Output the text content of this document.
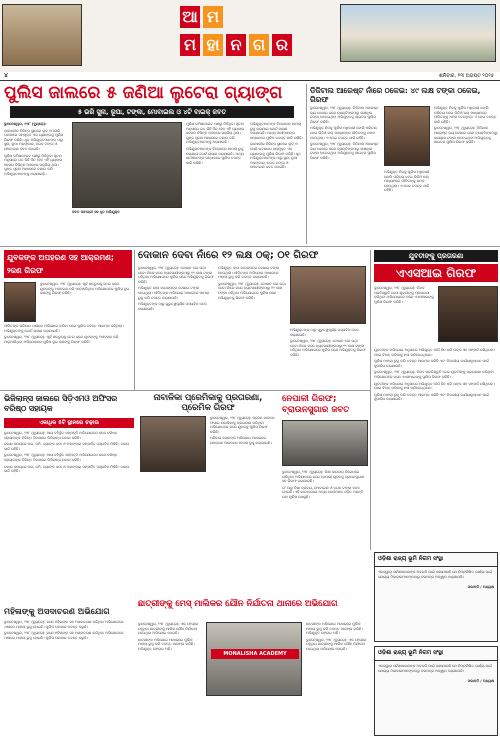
ଆ ମ
ମ ହା ନ ଗ ର
୪	ଶନିବାର, ୨୩ ଅଗଷ୍ଟ ୨୦୨୫
ପୁଲିସ ଜାଲରେ ୫ ଜଣିଆ ଲୁଟେରା ଗ୍ୟାଙ୍ଗ
୫ ଭରି ସୁନା, ରୂପା, ଟଙ୍କା, ମୋବାଇଲ ଓ ୪ଟି ବାଇକ୍ ଜବତ

ଭୁବନେଶ୍ୱର, ୨୨ା୮ (ବ୍ୟୁରୋ):

ରାଜଧାନୀର ବିଭିନ୍ନ ସ୍ଥାନରେ ଲୁଟ୍ ଓ ଚୋରି ଘଟଣାରେ ସମ୍ପୃକ୍ତ ଏକ ଗ୍ୟାଙ୍ଗକୁ ପୁଲିସ ଗିରଫ କରିଛି। ଧୃତ ଅଭିଯୁକ୍ତମାନଙ୍କ ଠାରୁ ସୁନା, ରୂପା ଅଳଙ୍କାର, ନଗଦ ଟଙ୍କା ଓ ମୋବାଇଲ ଜବତ ହୋଇଛି।

ପୁଲିସ କମିଶନରେଟ ପକ୍ଷରୁ ମିଳିଥିବା ସୂଚନା ଅନୁସାରେ ଗତ କିଛି ଦିନ ହେବ ଏହି ଗ୍ୟାଙ୍ଗ ସହରର ବିଭିନ୍ନ ଅଞ୍ଚଳରେ ସକ୍ରିୟ ଥିଲା। ଗୁପ୍ତ ସୂଚନା ଆଧାରରେ ଚଢାଉ କରି ଅଭିଯୁକ୍ତମାନଙ୍କୁ ଧରାଯାଇଛି।

ଜବତ ସାମଗ୍ରୀ ସହ ଧୃତ ଅଭିଯୁକ୍ତ

ପୁଲିସ କମିଶନରେଟ ପକ୍ଷରୁ ମିଳିଥିବା ସୂଚନା ଅନୁସାରେ ଗତ କିଛି ଦିନ ହେବ ଏହି ଗ୍ୟାଙ୍ଗ ସହରର ବିଭିନ୍ନ ଅଞ୍ଚଳରେ ସକ୍ରିୟ ଥିଲା। ଗୁପ୍ତ ସୂଚନା ଆଧାରରେ ଚଢାଉ କରି ଅଭିଯୁକ୍ତମାନଙ୍କୁ ଧରାଯାଇଛି।

ଅଭିଯୁକ୍ତମାନଙ୍କ ବିରୋଧରେ ମାମଲା ରୁଜୁ କରାଯାଇ କୋର୍ଟ ଚାଲାଣ କରାଯାଇଛି। ଅନ୍ୟ ସାଥୀମାନଙ୍କ ସନ୍ଧାନରେ ପୁଲିସ ତଦନ୍ତ ଜାରି ରଖିଛି।

ଅଭିଯୁକ୍ତମାନଙ୍କ ବିରୋଧରେ ମାମଲା ରୁଜୁ କରାଯାଇ କୋର୍ଟ ଚାଲାଣ କରାଯାଇଛି। ଅନ୍ୟ ସାଥୀମାନଙ୍କ ସନ୍ଧାନରେ ପୁଲିସ ତଦନ୍ତ ଜାରି ରଖିଛି।

ରାଜଧାନୀର ବିଭିନ୍ନ ସ୍ଥାନରେ ଲୁଟ୍ ଓ ଚୋରି ଘଟଣାରେ ସମ୍ପୃକ୍ତ ଏକ ଗ୍ୟାଙ୍ଗକୁ ପୁଲିସ ଗିରଫ କରିଛି। ଧୃତ ଅଭିଯୁକ୍ତମାନଙ୍କ ଠାରୁ ସୁନା, ରୂପା ଅଳଙ୍କାର, ନଗଦ ଟଙ୍କା ଓ ମୋବାଇଲ ଜବତ ହୋଇଛି।

ଡିଜିଟାଲ ଆରେଷ୍ଟ ନାଁରେ ଠକେଇ: ୪୯ ଲକ୍ଷ ଟଙ୍କା ଠକେଇ, ଗିରଫ

ଭୁବନେଶ୍ୱର, ୨୨ା୮ (ବ୍ୟୁରୋ): ଡିଜିଟାଲ ଆରେଷ୍ଟ ଭୟ ଦେଖାଇ ଜଣେ ବ୍ୟକ୍ତିଙ୍କଠାରୁ ଲକ୍ଷାଧିକ ଟଙ୍କା ହାତେଇଥିବା ଅଭିଯୁକ୍ତକୁ ସାଇବର ପୁଲିସ ଗିରଫ କରିଛି।

ଅଭିଯୁକ୍ତ ନିଜକୁ ପୁଲିସ ଅଧିକାରୀ ବୋଲି ପରିଚୟ ଦେଇ ଭିଡିଓ କଲ୍ ମାଧ୍ୟମରେ ପୀଡିତଙ୍କୁ ଧମକ ଦେଉଥିଲା। ଏ ନେଇ ତଦନ୍ତ ଜାରି ରହିଛି।

ଭୁବନେଶ୍ୱର, ୨୨ା୮ (ବ୍ୟୁରୋ): ଡିଜିଟାଲ ଆରେଷ୍ଟ ଭୟ ଦେଖାଇ ଜଣେ ବ୍ୟକ୍ତିଙ୍କଠାରୁ ଲକ୍ଷାଧିକ ଟଙ୍କା ହାତେଇଥିବା ଅଭିଯୁକ୍ତକୁ ସାଇବର ପୁଲିସ ଗିରଫ କରିଛି।

ଅଭିଯୁକ୍ତ ନିଜକୁ ପୁଲିସ ଅଧିକାରୀ ବୋଲି ପରିଚୟ ଦେଇ ଭିଡିଓ କଲ୍ ମାଧ୍ୟମରେ ପୀଡିତଙ୍କୁ ଧମକ ଦେଉଥିଲା। ଏ ନେଇ ତଦନ୍ତ ଜାରି ରହିଛି।

ଅଭିଯୁକ୍ତ ନିଜକୁ ପୁଲିସ ଅଧିକାରୀ ବୋଲି ପରିଚୟ ଦେଇ ଭିଡିଓ କଲ୍ ମାଧ୍ୟମରେ ପୀଡିତଙ୍କୁ ଧମକ ଦେଉଥିଲା। ଏ ନେଇ ତଦନ୍ତ ଜାରି ରହିଛି।

ଭୁବନେଶ୍ୱର, ୨୨ା୮ (ବ୍ୟୁରୋ): ଡିଜିଟାଲ ଆରେଷ୍ଟ ଭୟ ଦେଖାଇ ଜଣେ ବ୍ୟକ୍ତିଙ୍କଠାରୁ ଲକ୍ଷାଧିକ ଟଙ୍କା ହାତେଇଥିବା ଅଭିଯୁକ୍ତକୁ ସାଇବର ପୁଲିସ ଗିରଫ କରିଛି।

ଯୁବକଙ୍କ ଅପହରଣ ସହ ଆକ୍ରମଣ; ୨ଜଣ ଗିରଫ

ଭୁବନେଶ୍ୱର, ୨୨ା୮ (ବ୍ୟୁରୋ): ପୂର୍ବ ଶତ୍ରୁତାକୁ ନେଇ ଜଣେ ଯୁବକଙ୍କୁ ଅପହରଣ କରି ମାଡ଼ମାରିଥିବା ଅଭିଯୋଗରେ ପୁଲିସ ଦୁଇ ଜଣଙ୍କୁ ଗିରଫ କରିଛି।

ପୀଡିତଙ୍କ ପରିବାର ଥାନାରେ ଅଭିଯୋଗ କରିବା ପରେ ପୁଲିସ ତଦନ୍ତ ଆରମ୍ଭ କରିଥିଲା। ଅଭିଯୁକ୍ତଙ୍କୁ କୋର୍ଟ ଚାଲାଣ କରାଯାଇଛି।

ଭୁବନେଶ୍ୱର, ୨୨ା୮ (ବ୍ୟୁରୋ): ପୂର୍ବ ଶତ୍ରୁତାକୁ ନେଇ ଜଣେ ଯୁବକଙ୍କୁ ଅପହରଣ କରି ମାଡ଼ମାରିଥିବା ଅଭିଯୋଗରେ ପୁଲିସ ଦୁଇ ଜଣଙ୍କୁ ଗିରଫ କରିଛି।

ଦୋକାନ ଦେବା ନାଁରେ ୧୨ ଲକ୍ଷ ଠକ୍; ୦୧ ଗିରଫ

ଭୁବନେଶ୍ୱର, ୨୨ା୮ (ବ୍ୟୁରୋ): ଦୋକାନ ଘର ଭଡ଼ା ଦେବା ନାଁରେ ଜଣେ ବ୍ୟବସାୟୀଙ୍କଠାରୁ ୧୨ ଲକ୍ଷ ଟଙ୍କା ଠକିଥିବା ଅଭିଯୋଗରେ ପୁଲିସ ଜଣେ ଅଭିଯୁକ୍ତକୁ ଗିରଫ କରିଛି।

ଅଭିଯୁକ୍ତ ଜାଲ କାଗଜପତ୍ର ଦେଖାଇ ଟଙ୍କା ନେଇଥିଲା। ପୀଡିତଙ୍କ ଅଭିଯୋଗ ଆଧାରରେ ମାମଲା ରୁଜୁ କରି ତଦନ୍ତ କରାଯାଉଛି।

ଅଭିଯୁକ୍ତଙ୍କ ଠାରୁ ଗୁରୁତ୍ୱପୂର୍ଣ୍ଣ ଦସ୍ତାବିଜ ଜବତ କରାଯାଇଛି।

ଅଭିଯୁକ୍ତ ଜାଲ କାଗଜପତ୍ର ଦେଖାଇ ଟଙ୍କା ନେଇଥିଲା। ପୀଡିତଙ୍କ ଅଭିଯୋଗ ଆଧାରରେ ମାମଲା ରୁଜୁ କରି ତଦନ୍ତ କରାଯାଉଛି।

ଭୁବନେଶ୍ୱର, ୨୨ା୮ (ବ୍ୟୁରୋ): ଦୋକାନ ଘର ଭଡ଼ା ଦେବା ନାଁରେ ଜଣେ ବ୍ୟବସାୟୀଙ୍କଠାରୁ ୧୨ ଲକ୍ଷ ଟଙ୍କା ଠକିଥିବା ଅଭିଯୋଗରେ ପୁଲିସ ଜଣେ ଅଭିଯୁକ୍ତକୁ ଗିରଫ କରିଛି।

ଅଭିଯୁକ୍ତଙ୍କ ଠାରୁ ଗୁରୁତ୍ୱପୂର୍ଣ୍ଣ ଦସ୍ତାବିଜ ଜବତ କରାଯାଇଛି।

ଭୁବନେଶ୍ୱର, ୨୨ା୮ (ବ୍ୟୁରୋ): ଦୋକାନ ଘର ଭଡ଼ା ଦେବା ନାଁରେ ଜଣେ ବ୍ୟବସାୟୀଙ୍କଠାରୁ ୧୨ ଲକ୍ଷ ଟଙ୍କା ଠକିଥିବା ଅଭିଯୋଗରେ ପୁଲିସ ଜଣେ ଅଭିଯୁକ୍ତକୁ ଗିରଫ କରିଛି।

ଯୁବତୀଙ୍କୁ ପ୍ରତାରଣା
ଏଏସଆଇ ଗିରଫ

ଭୁବନେଶ୍ୱର, ୨୨ା୮ (ବ୍ୟୁରୋ): ବିବାହ ପ୍ରତିଶ୍ରୁତି ଦେଇ ଯୁବତୀଙ୍କୁ ପ୍ରତାରଣା କରିଥିବା ଅଭିଯୋଗରେ ଜଣେ ଏଏସଆଇଙ୍କୁ ପୁଲିସ ଗିରଫ କରିଛି।

ଯୁବତୀଙ୍କ ଅଭିଯୋଗ ଅନୁସାରେ ଅଭିଯୁକ୍ତ ଦୀର୍ଘ ଦିନ ଧରି ତାଙ୍କ ସହ ସମ୍ପର୍କ ରଖିଥିଲେ। ପରେ ବିବାହ କରିବାକୁ ମନା କରିଦେଇଥିଲେ।

ପୁଲିସ ମାମଲା ରୁଜୁ କରି ତଦନ୍ତ ଆରମ୍ଭ କରିଛି ଏବଂ ବିଭାଗୀୟ କାର୍ଯ୍ୟାନୁଷ୍ଠାନ ପାଇଁ ସୁପାରିସ କରାଯାଇଛି।

ଭୁବନେଶ୍ୱର, ୨୨ା୮ (ବ୍ୟୁରୋ): ବିବାହ ପ୍ରତିଶ୍ରୁତି ଦେଇ ଯୁବତୀଙ୍କୁ ପ୍ରତାରଣା କରିଥିବା ଅଭିଯୋଗରେ ଜଣେ ଏଏସଆଇଙ୍କୁ ପୁଲିସ ଗିରଫ କରିଛି।

ଯୁବତୀଙ୍କ ଅଭିଯୋଗ ଅନୁସାରେ ଅଭିଯୁକ୍ତ ଦୀର୍ଘ ଦିନ ଧରି ତାଙ୍କ ସହ ସମ୍ପର୍କ ରଖିଥିଲେ। ପରେ ବିବାହ କରିବାକୁ ମନା କରିଦେଇଥିଲେ।

ପୁଲିସ ମାମଲା ରୁଜୁ କରି ତଦନ୍ତ ଆରମ୍ଭ କରିଛି ଏବଂ ବିଭାଗୀୟ କାର୍ଯ୍ୟାନୁଷ୍ଠାନ ପାଇଁ ସୁପାରିସ କରାଯାଇଛି।

ନାବାଳିକା ପ୍ରେମିକାକୁ ପ୍ରତାରଣା, ପ୍ରେମିକ ଗିରଫ

ଭୁବନେଶ୍ୱର, ୨୨ା୮ (ବ୍ୟୁରୋ): ପ୍ରେମ ଜାଲରେ ଫସାଇ ନାବାଳିକାକୁ ପ୍ରତାରଣା କରିଥିବା ଅଭିଯୋଗରେ ଜଣେ ଯୁବକକୁ ପୁଲିସ ଗିରଫ କରିଛି।

ପରିବାର ଲୋକଙ୍କ ଅଭିଯୋଗ ଆଧାରରେ ପୋକ୍ସୋ ଆଇନରେ ମାମଲା ରୁଜୁ କରାଯାଇଛି।

ଭିଜିଲାନ୍ସ ଜାଲରେ ସିଡ଼ିଏମଓ ଅଫିସର ବରିଷ୍ଠ ସହାୟକ
ଏକାଧିକ ୫ଟି ସ୍ଥାନରେ ଚଢ଼ାଉ

ଭୁବନେଶ୍ୱର, ୨୨ା୮ (ବ୍ୟୁରୋ): ଆୟ ବହିର୍ଭୂତ ସମ୍ପତ୍ତି ଅଭିଯୋଗରେ ଜଣେ ବରିଷ୍ଠ ସହାୟକଙ୍କ ବିଭିନ୍ନ ଠିକଣାରେ ଭିଜିଲାନ୍ସ ଚଢାଉ କରିଛି।

ଚଢାଉ ସମୟରେ ଘର, ଜମି, ବ୍ୟାଙ୍କ ଜମା ଓ ଅଳଙ୍କାର ସମ୍ପର୍କିତ ଦସ୍ତାବିଜ ମିଳିଛି। ଚଢାଉ ଜାରି ରହିଛି।

ଭୁବନେଶ୍ୱର, ୨୨ା୮ (ବ୍ୟୁରୋ): ଆୟ ବହିର୍ଭୂତ ସମ୍ପତ୍ତି ଅଭିଯୋଗରେ ଜଣେ ବରିଷ୍ଠ ସହାୟକଙ୍କ ବିଭିନ୍ନ ଠିକଣାରେ ଭିଜିଲାନ୍ସ ଚଢାଉ କରିଛି।

ଚଢାଉ ସମୟରେ ଘର, ଜମି, ବ୍ୟାଙ୍କ ଜମା ଓ ଅଳଙ୍କାର ସମ୍ପର୍କିତ ଦସ୍ତାବିଜ ମିଳିଛି। ଚଢାଉ ଜାରି ରହିଛି।

ନେପାଳୀ ଗିରଫ; ବ୍ରାଉନସୁଗାର ଜବତ

ଭୁବନେଶ୍ୱର, ୨୨ା୮ (ବ୍ୟୁରୋ): ନିଶା କାରବାର ବିରୋଧରେ ଚାଲିଥିବା ଅଭିଯାନରେ ଜଣେ ନେପାଳୀ ଯୁବକକୁ ବ୍ରାଉନସୁଗାର ସହ ଗିରଫ କରାଯାଇଛି।

ତା' ଠାରୁ ନିଶା ଦ୍ରବ୍ୟ, ମୋବାଇଲ ଓ ନଗଦ ଟଙ୍କା ଜବତ ହୋଇଛି। ଏହି କାରବାରରେ ଅନ୍ୟ କେଉଁମାନେ ଜଡ଼ିତ ଅଛନ୍ତି ତାହା ପୁଲିସ ଖୋଜୁଛି।

ଛାତ୍ରୀଙ୍କୁ ମେସ୍ ମାଲିକର ଯୌନ ନିର୍ଯାତନା ଥାନାରେ ଅଭିଯୋଗ

ଭୁବନେଶ୍ୱର, ୨୨ା୮ (ବ୍ୟୁରୋ): ଏକ ମେସ୍‌ରେ ରହୁଥିବା ଛାତ୍ରୀଙ୍କୁ ମାଲିକ ଯୌନ ନିର୍ଯାତନା ଦେଇଥିବା ଅଭିଯୋଗ ହୋଇଛି।

ଛାତ୍ରୀଙ୍କ ଅଭିଯୋଗ ଆଧାରରେ ପୁଲିସ ମାମଲା ରୁଜୁ କରି ତଦନ୍ତ ଆରମ୍ଭ କରିଛି। ଅଭିଯୁକ୍ତ ଫେରାର ଅଛି।

MONALISHA ACADEMY

ଛାତ୍ରୀଙ୍କ ଅଭିଯୋଗ ଆଧାରରେ ପୁଲିସ ମାମଲା ରୁଜୁ କରି ତଦନ୍ତ ଆରମ୍ଭ କରିଛି। ଅଭିଯୁକ୍ତ ଫେରାର ଅଛି।

ଭୁବନେଶ୍ୱର, ୨୨ା୮ (ବ୍ୟୁରୋ): ଏକ ମେସ୍‌ରେ ରହୁଥିବା ଛାତ୍ରୀଙ୍କୁ ମାଲିକ ଯୌନ ନିର୍ଯାତନା ଦେଇଥିବା ଅଭିଯୋଗ ହୋଇଛି।

ମହିଳାଙ୍କୁ ଅସଦାଚରଣ ଅଭିଯୋଗ

ଭୁବନେଶ୍ୱର, ୨୨ା୮ (ବ୍ୟୁରୋ): ଜଣେ ମହିଳାଙ୍କ ସହ ଅସଦାଚରଣ କରିଥିବା ଅଭିଯୋଗରେ ଥାନାରେ ମାମଲା ରୁଜୁ ହୋଇଛି। ପୁଲିସ ଘଟଣାର ତଦନ୍ତ କରୁଛି।

ଭୁବନେଶ୍ୱର, ୨୨ା୮ (ବ୍ୟୁରୋ): ଜଣେ ମହିଳାଙ୍କ ସହ ଅସଦାଚରଣ କରିଥିବା ଅଭିଯୋଗରେ ଥାନାରେ ମାମଲା ରୁଜୁ ହୋଇଛି। ପୁଲିସ ଘଟଣାର ତଦନ୍ତ କରୁଛି।

ଓଡ଼ିଶା ରାଜ୍ୟ ଭୂମି ନିଗମ ସଂସ୍ଥା
ଏତଦ୍ୱାରା ସର୍ବସାଧାରଣଙ୍କ ଅବଗତି ପାଇଁ ଜଣାଯାଉଛି ଯେ ନିମ୍ନଲିଖିତ କାର୍ଯ୍ୟ ପାଇଁ ଯୋଗ୍ୟ ଠିକାଦାରମାନଙ୍କଠାରୁ ଦରପତ୍ର ଆହ୍ୱାନ କରାଯାଉଛି।
ସଭାପତି / ଅଧ୍ୟକ୍ଷ
ଓଡ଼ିଶା ରାଜ୍ୟ ଭୂମି ନିଗମ ସଂସ୍ଥା
ଏତଦ୍ୱାରା ସର୍ବସାଧାରଣଙ୍କ ଅବଗତି ପାଇଁ ଜଣାଯାଉଛି ଯେ ନିମ୍ନଲିଖିତ କାର୍ଯ୍ୟ ପାଇଁ ଯୋଗ୍ୟ ଠିକାଦାରମାନଙ୍କଠାରୁ ଦରପତ୍ର ଆହ୍ୱାନ କରାଯାଉଛି।
ସଭାପତି / ଅଧ୍ୟକ୍ଷ
